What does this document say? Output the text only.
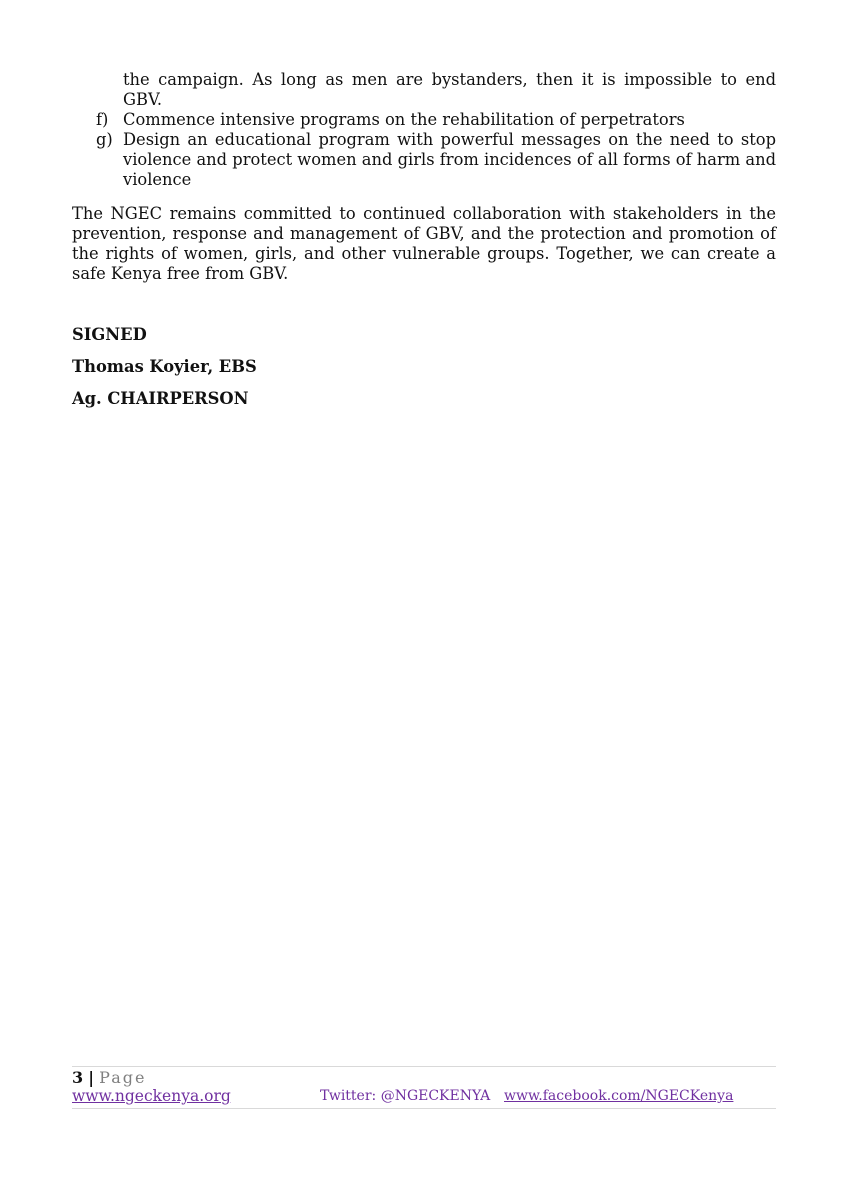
the campaign. As long as men are bystanders, then it is impossible to end GBV.
f) Commence intensive programs on the rehabilitation of perpetrators
g) Design an educational program with powerful messages on the need to stop violence and protect women and girls from incidences of all forms of harm and violence

The NGEC remains committed to continued collaboration with stakeholders in the prevention, response and management of GBV, and the protection and promotion of the rights of women, girls, and other vulnerable groups. Together, we can create a safe Kenya free from GBV.

SIGNED

Thomas Koyier, EBS

Ag. CHAIRPERSON

3 | Page
www.ngeckenya.org	Twitter: @NGECKENYA www.facebook.com/NGECKenya
